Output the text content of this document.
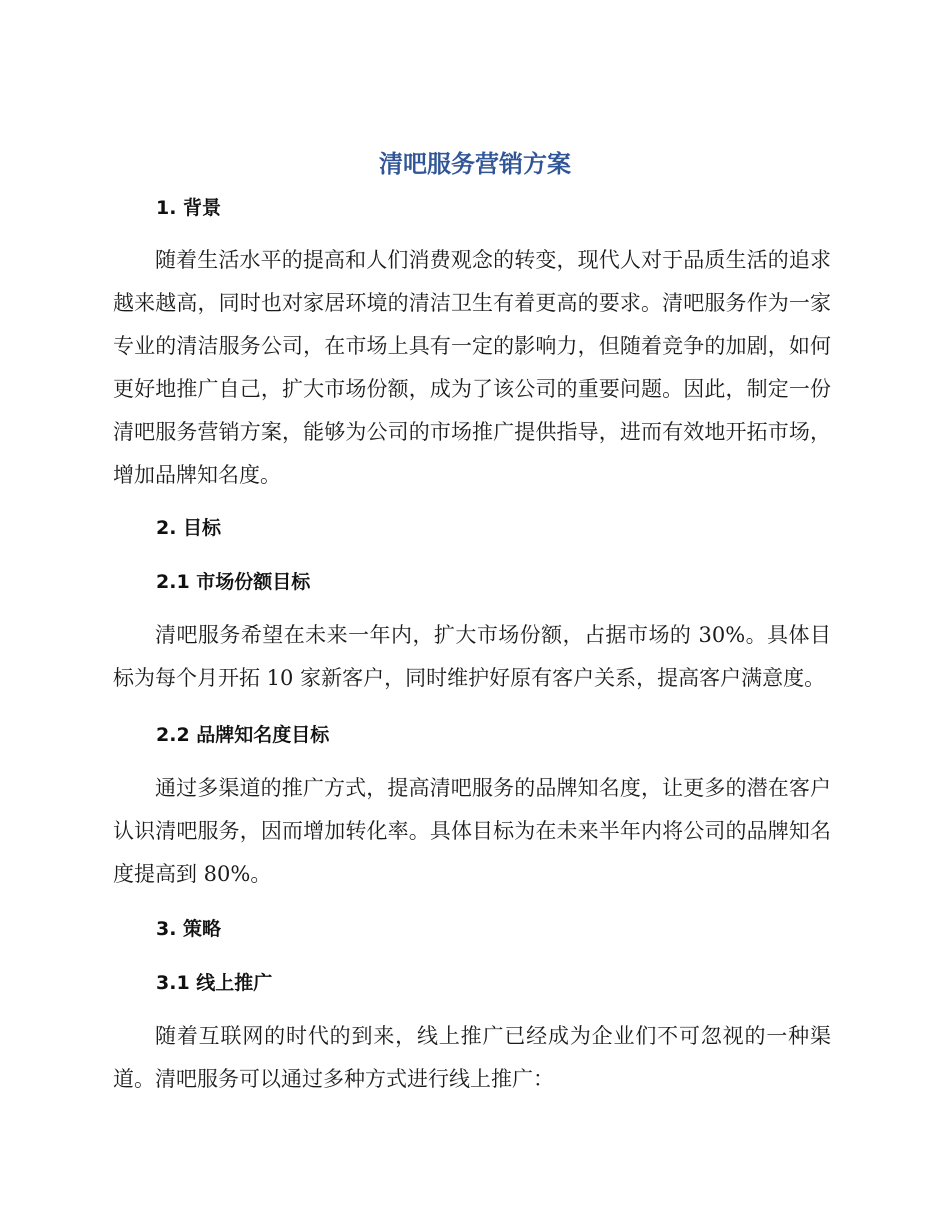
清吧服务营销方案
1. 背景
随着生活水平的提高和人们消费观念的转变，现代人对于品质生活的追求越来越高，同时也对家居环境的清洁卫生有着更高的要求。清吧服务作为一家专业的清洁服务公司，在市场上具有一定的影响力，但随着竞争的加剧，如何更好地推广自己，扩大市场份额，成为了该公司的重要问题。因此，制定一份清吧服务营销方案，能够为公司的市场推广提供指导，进而有效地开拓市场，增加品牌知名度。
2. 目标
2.1 市场份额目标
清吧服务希望在未来一年内，扩大市场份额，占据市场的 30%。具体目标为每个月开拓 10 家新客户，同时维护好原有客户关系，提高客户满意度。
2.2 品牌知名度目标
通过多渠道的推广方式，提高清吧服务的品牌知名度，让更多的潜在客户认识清吧服务，因而增加转化率。具体目标为在未来半年内将公司的品牌知名度提高到 80%。
3. 策略
3.1 线上推广
随着互联网的时代的到来，线上推广已经成为企业们不可忽视的一种渠道。清吧服务可以通过多种方式进行线上推广：
